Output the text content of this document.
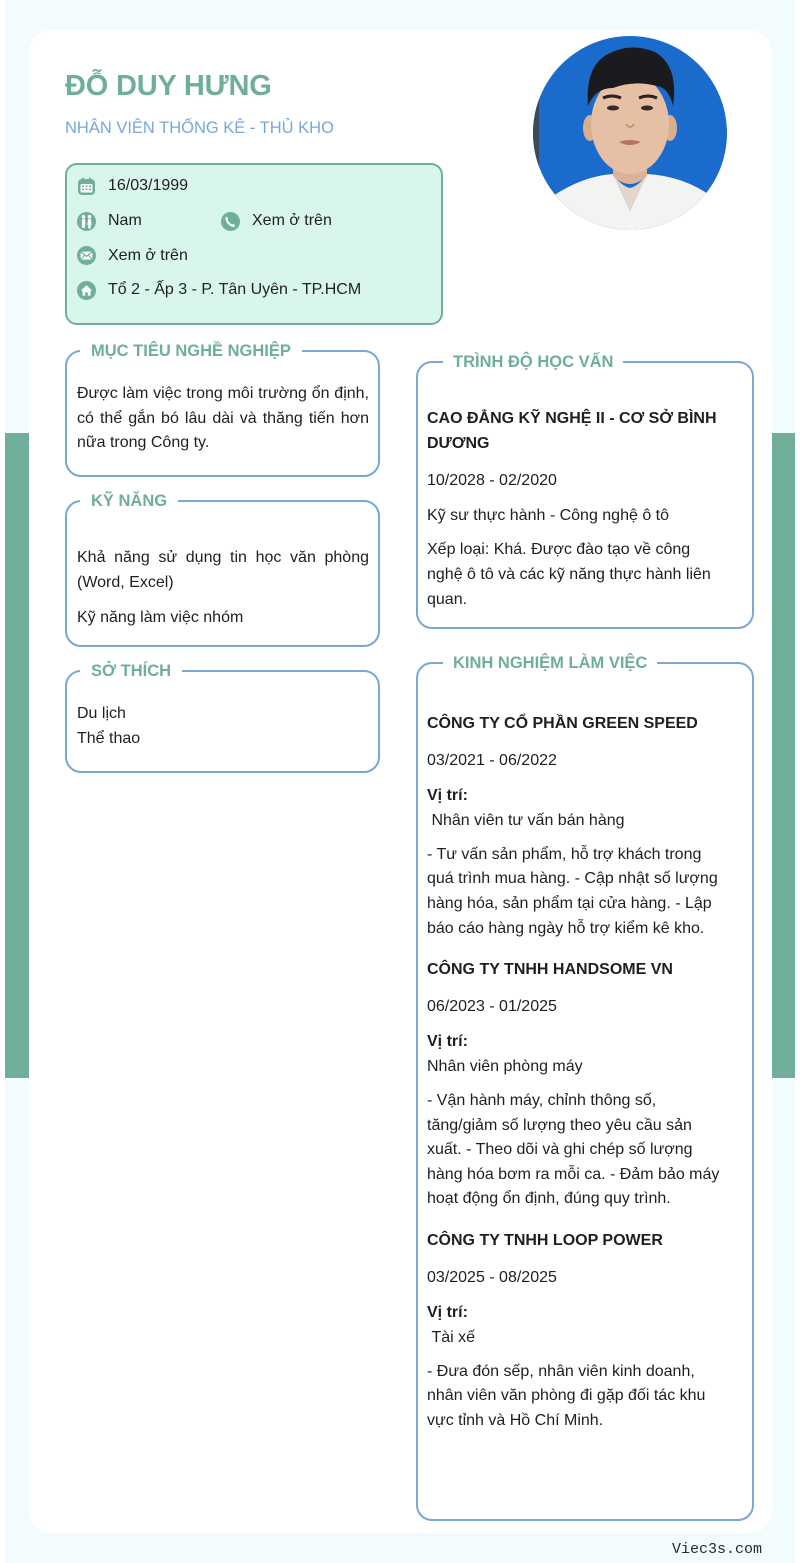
ĐỖ DUY HƯNG
NHÂN VIÊN THỐNG KÊ - THỦ KHO
16/03/1999
Nam	Xem ở trên
Xem ở trên
Tổ 2 - Ấp 3 - P. Tân Uyên - TP.HCM
MỤC TIÊU NGHỀ NGHIỆP
Được làm việc trong môi trường ổn định, có thể gắn bó lâu dài và thăng tiến hơn nữa trong Công ty.
KỸ NĂNG
Khả năng sử dụng tin học văn phòng (Word, Excel)
Kỹ năng làm việc nhóm
SỞ THÍCH
Du lịch
Thể thao
TRÌNH ĐỘ HỌC VẤN
CAO ĐẲNG KỸ NGHỆ II - CƠ SỞ BÌNH DƯƠNG
10/2028 - 02/2020
Kỹ sư thực hành - Công nghệ ô tô
Xếp loại: Khá. Được đào tạo về công nghệ ô tô và các kỹ năng thực hành liên quan.
KINH NGHIỆM LÀM VIỆC
CÔNG TY CỔ PHẦN GREEN SPEED
03/2021 - 06/2022
Vị trí:
Nhân viên tư vấn bán hàng
- Tư vấn sản phẩm, hỗ trợ khách trong quá trình mua hàng. - Cập nhật số lượng hàng hóa, sản phẩm tại cửa hàng. - Lập báo cáo hàng ngày hỗ trợ kiểm kê kho.
CÔNG TY TNHH HANDSOME VN
06/2023 - 01/2025
Vị trí:
Nhân viên phòng máy
- Vận hành máy, chỉnh thông số, tăng/giảm số lượng theo yêu cầu sản xuất. - Theo dõi và ghi chép số lượng hàng hóa bơm ra mỗi ca. - Đảm bảo máy hoạt động ổn định, đúng quy trình.
CÔNG TY TNHH LOOP POWER
03/2025 - 08/2025
Vị trí:
Tài xế
- Đưa đón sếp, nhân viên kinh doanh, nhân viên văn phòng đi gặp đối tác khu vực tỉnh và Hồ Chí Minh.
Viec3s.com
